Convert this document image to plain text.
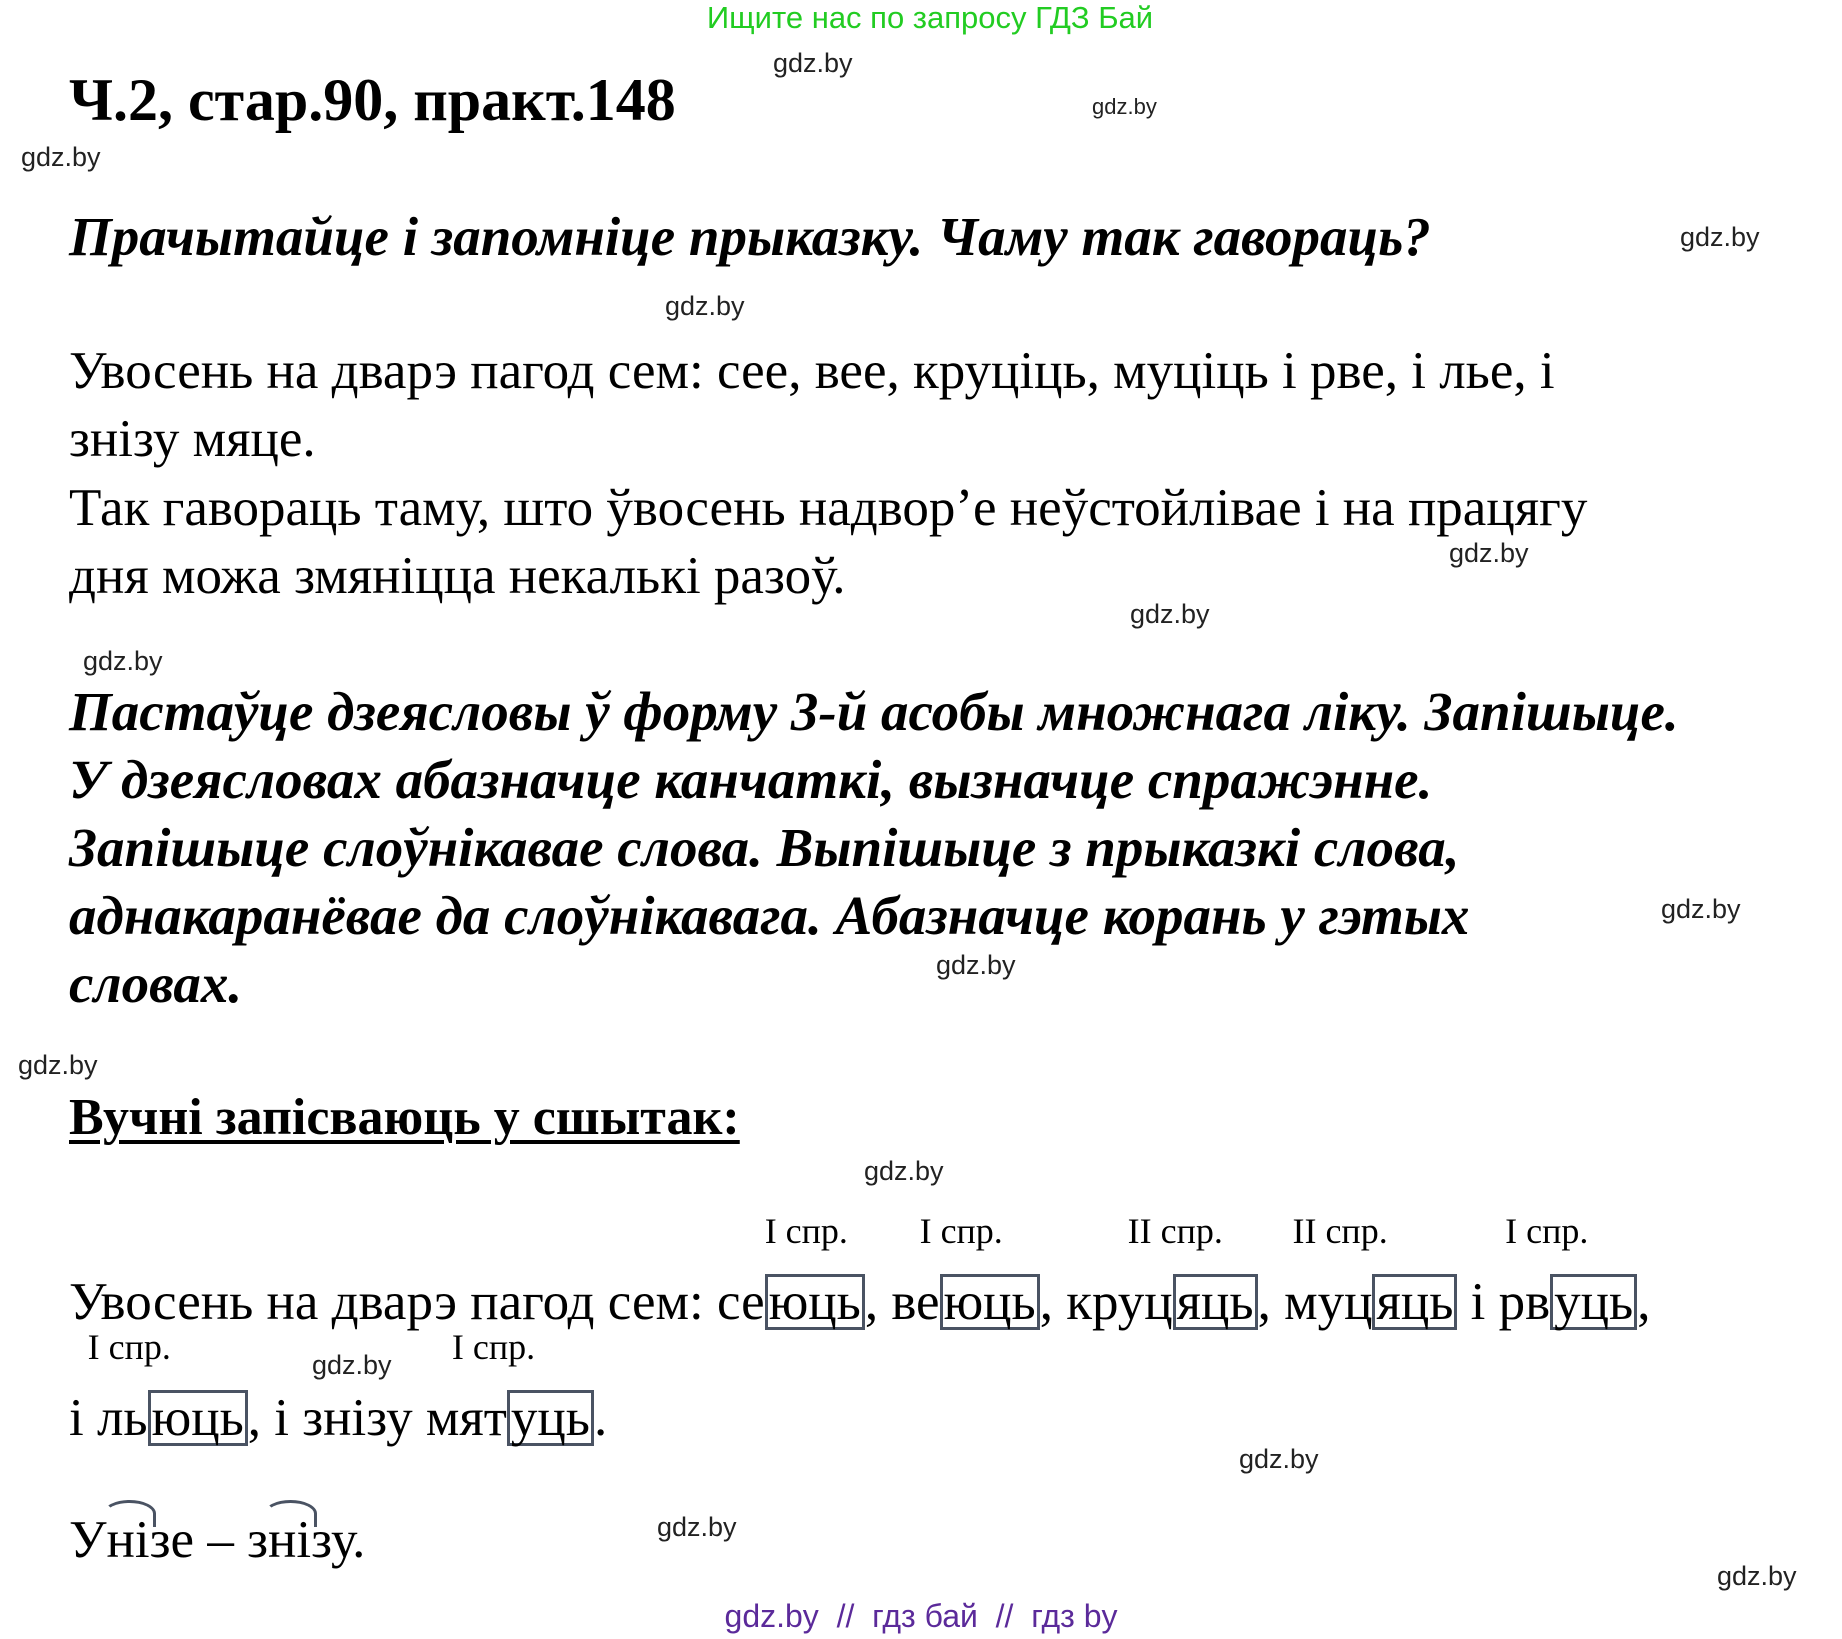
Ищите нас по запросу ГДЗ Бай
Ч.2, стар.90, практ.148
Прачытайце і запомніце прыказку. Чаму так гавораць?
Увосень на дварэ пагод сем: сее, вее, круціць, муціць і рве, і лье, і
знізу мяце.
Так гавораць таму, што ўвосень надвор’е неўстойлівае і на працягу
дня можа змяніцца некалькі разоў.
Пастаўце дзеясловы ў форму 3-й асобы множнага ліку. Запішыце.
У дзеясловах абазначце канчаткі, вызначце спражэнне.
Запішыце слоўнікавае слова. Выпішыце з прыказкі слова,
аднакаранёвае да слоўнікавага. Абазначце корань у гэтых
словах.
Вучні запісваюць у сшытак:
Увосень на дварэ пагод сем: се
I спр.
юць, ве
I спр.
юць, круц
II спр.
яць, муц
II спр.
яць і рв
I спр.
уць,
і ль
I спр.
юць, і знізу мят
I спр.
уць.
Унізе – знізу.
gdz.by
gdz.by
gdz.by
gdz.by
gdz.by
gdz.by
gdz.by
gdz.by
gdz.by
gdz.by
gdz.by
gdz.by
gdz.by
gdz.by
gdz.by
gdz.by
gdz.by  //  гдз бай  //  гдз by
